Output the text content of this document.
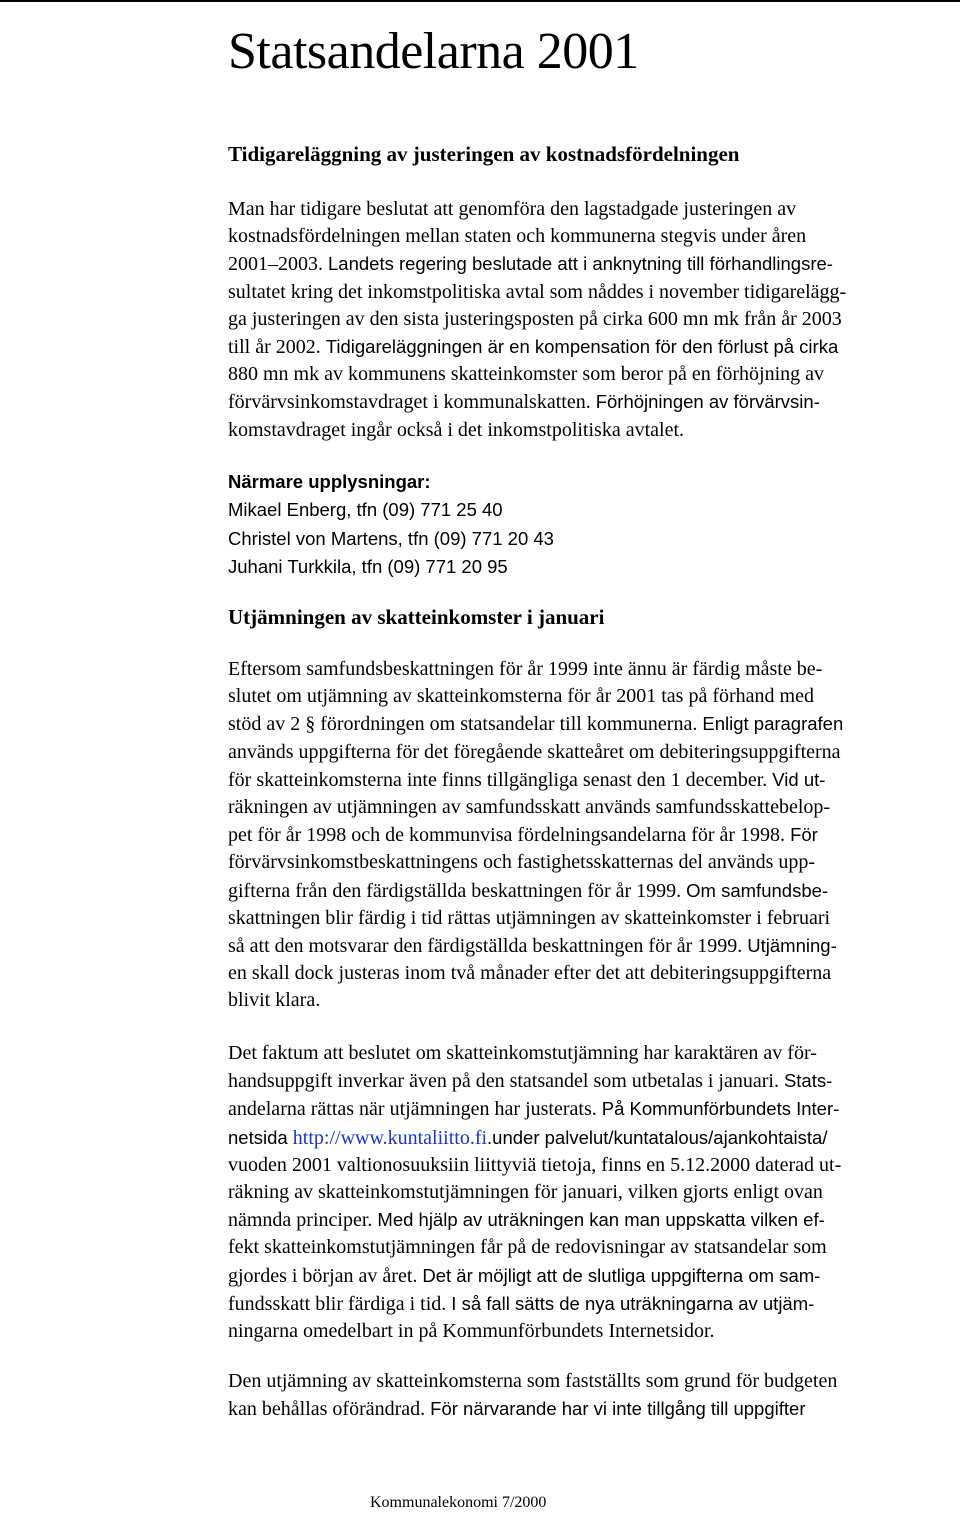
Statsandelarna 2001
Tidigareläggning av justeringen av kostnadsfördelningen
Man har tidigare beslutat att genomföra den lagstadgade justeringen av
kostnadsfördelningen mellan staten och kommunerna stegvis under åren
2001–2003. Landets regering beslutade att i anknytning till förhandlingsre-
sultatet kring det inkomstpolitiska avtal som nåddes i november tidigarelägg-
ga justeringen av den sista justeringsposten på cirka 600 mn mk från år 2003
till år 2002. Tidigareläggningen är en kompensation för den förlust på cirka
880 mn mk av kommunens skatteinkomster som beror på en förhöjning av
förvärvsinkomstavdraget i kommunalskatten. Förhöjningen av förvärvsin-
komstavdraget ingår också i det inkomstpolitiska avtalet.
Närmare upplysningar:
Mikael Enberg, tfn (09) 771 25 40
Christel von Martens, tfn (09) 771 20 43
Juhani Turkkila, tfn (09) 771 20 95
Utjämningen av skatteinkomster i januari
Eftersom samfundsbeskattningen för år 1999 inte ännu är färdig måste be-
slutet om utjämning av skatteinkomsterna för år 2001 tas på förhand med
stöd av 2 § förordningen om statsandelar till kommunerna. Enligt paragrafen
används uppgifterna för det föregående skatteåret om debiteringsuppgifterna
för skatteinkomsterna inte finns tillgängliga senast den 1 december. Vid ut-
räkningen av utjämningen av samfundsskatt används samfundsskattebelop-
pet för år 1998 och de kommunvisa fördelningsandelarna för år 1998. För
förvärvsinkomstbeskattningens och fastighetsskatternas del används upp-
gifterna från den färdigställda beskattningen för år 1999. Om samfundsbe-
skattningen blir färdig i tid rättas utjämningen av skatteinkomster i februari
så att den motsvarar den färdigställda beskattningen för år 1999. Utjämning-
en skall dock justeras inom två månader efter det att debiteringsuppgifterna
blivit klara.
Det faktum att beslutet om skatteinkomstutjämning har karaktären av för-
handsuppgift inverkar även på den statsandel som utbetalas i januari. Stats-
andelarna rättas när utjämningen har justerats. På Kommunförbundets Inter-
netsida http://www.kuntaliitto.fi.under palvelut/kuntatalous/ajankohtaista/
vuoden 2001 valtionosuuksiin liittyviä tietoja, finns en 5.12.2000 daterad ut-
räkning av skatteinkomstutjämningen för januari, vilken gjorts enligt ovan
nämnda principer. Med hjälp av uträkningen kan man uppskatta vilken ef-
fekt skatteinkomstutjämningen får på de redovisningar av statsandelar som
gjordes i början av året. Det är möjligt att de slutliga uppgifterna om sam-
fundsskatt blir färdiga i tid. I så fall sätts de nya uträkningarna av utjäm-
ningarna omedelbart in på Kommunförbundets Internetsidor.
Den utjämning av skatteinkomsterna som fastställts som grund för budgeten
kan behållas oförändrad. För närvarande har vi inte tillgång till uppgifter
Kommunalekonomi 7/2000
